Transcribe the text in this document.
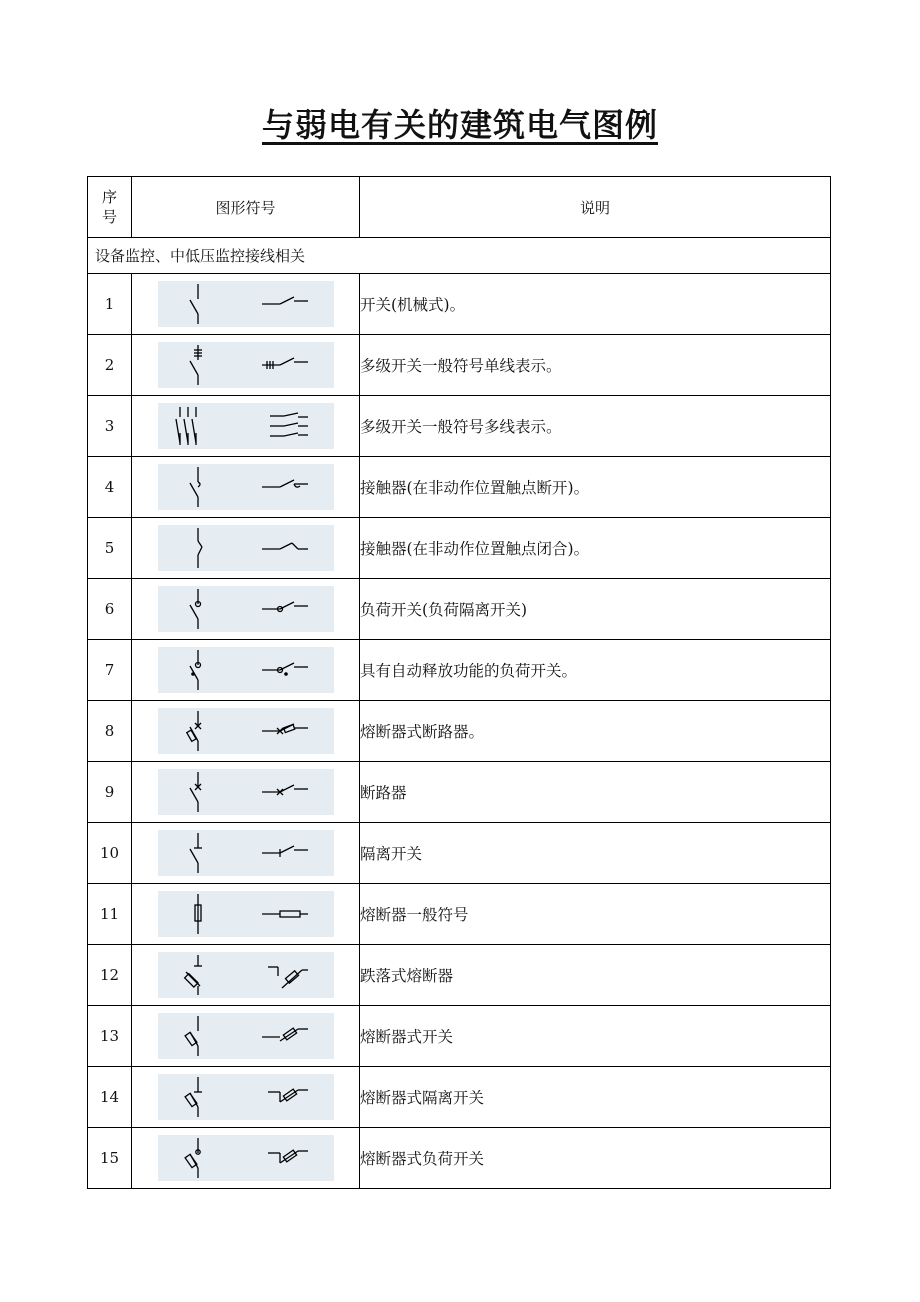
与弱电有关的建筑电气图例
序
号	图形符号	说明
设备监控、中低压监控接线相关		
1		开关(机械式)。
2		多级开关一般符号单线表示。
3		多级开关一般符号多线表示。
4		接触器(在非动作位置触点断开)。
5		接触器(在非动作位置触点闭合)。
6		负荷开关(负荷隔离开关)
7		具有自动释放功能的负荷开关。
8		熔断器式断路器。
9		断路器
10		隔离开关
11		熔断器一般符号
12		跌落式熔断器
13		熔断器式开关
14		熔断器式隔离开关
15		熔断器式负荷开关
